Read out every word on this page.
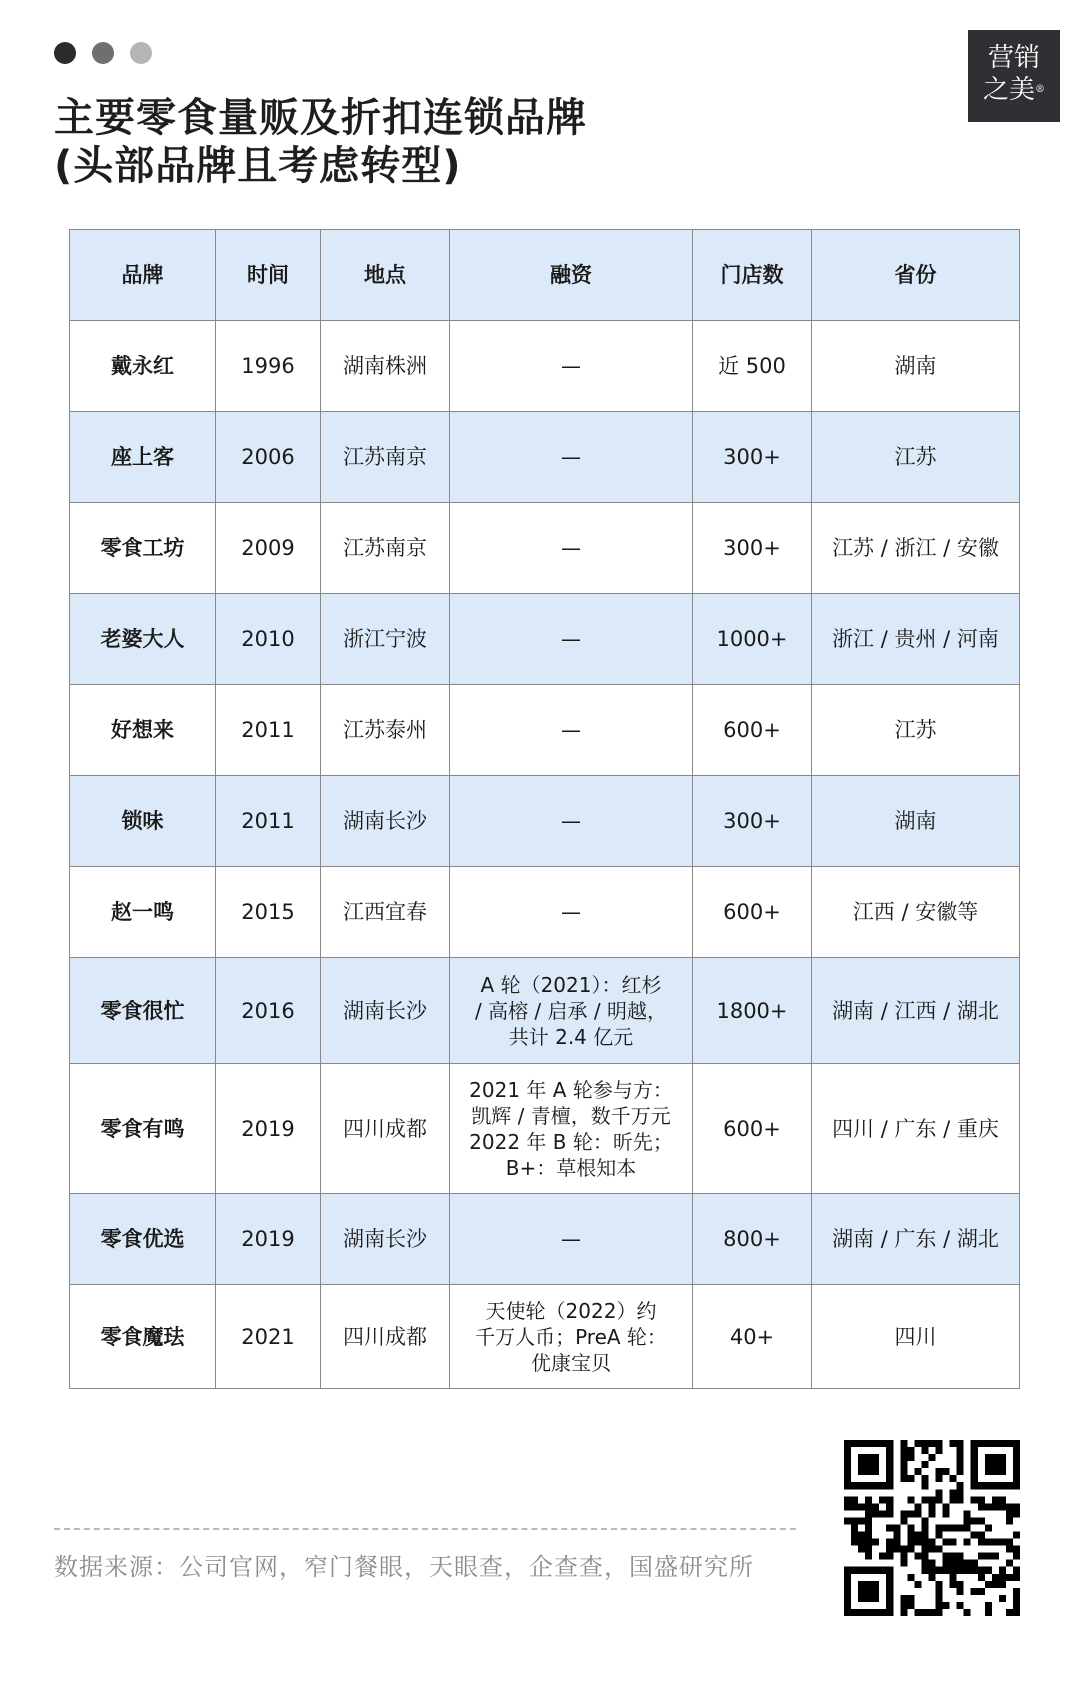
主要零食量贩及折扣连锁品牌
(头部品牌且考虑转型)
营销
之美®
品牌	时间	地点	融资	门店数	省份
戴永红	1996	湖南株洲	—	近 500	湖南
座上客	2006	江苏南京	—	300+	江苏
零食工坊	2009	江苏南京	—	300+	江苏 / 浙江 / 安徽
老婆大人	2010	浙江宁波	—	1000+	浙江 / 贵州 / 河南
好想来	2011	江苏泰州	—	600+	江苏
锁味	2011	湖南长沙	—	300+	湖南
赵一鸣	2015	江西宜春	—	600+	江西 / 安徽等
零食很忙	2016	湖南长沙	A 轮（2021）：红杉
/ 高榕 / 启承 / 明越，
共计 2.4 亿元	1800+	湖南 / 江西 / 湖北
零食有鸣	2019	四川成都	2021 年 A 轮参与方：
凯辉 / 青檀，数千万元
2022 年 B 轮：昕先；
B+：草根知本	600+	四川 / 广东 / 重庆
零食优选	2019	湖南长沙	—	800+	湖南 / 广东 / 湖北
零食魔珐	2021	四川成都	天使轮（2022）约
千万人币；PreA 轮：
优康宝贝	40+	四川
数据来源：公司官网，窄门餐眼，天眼查，企查查，国盛研究所
